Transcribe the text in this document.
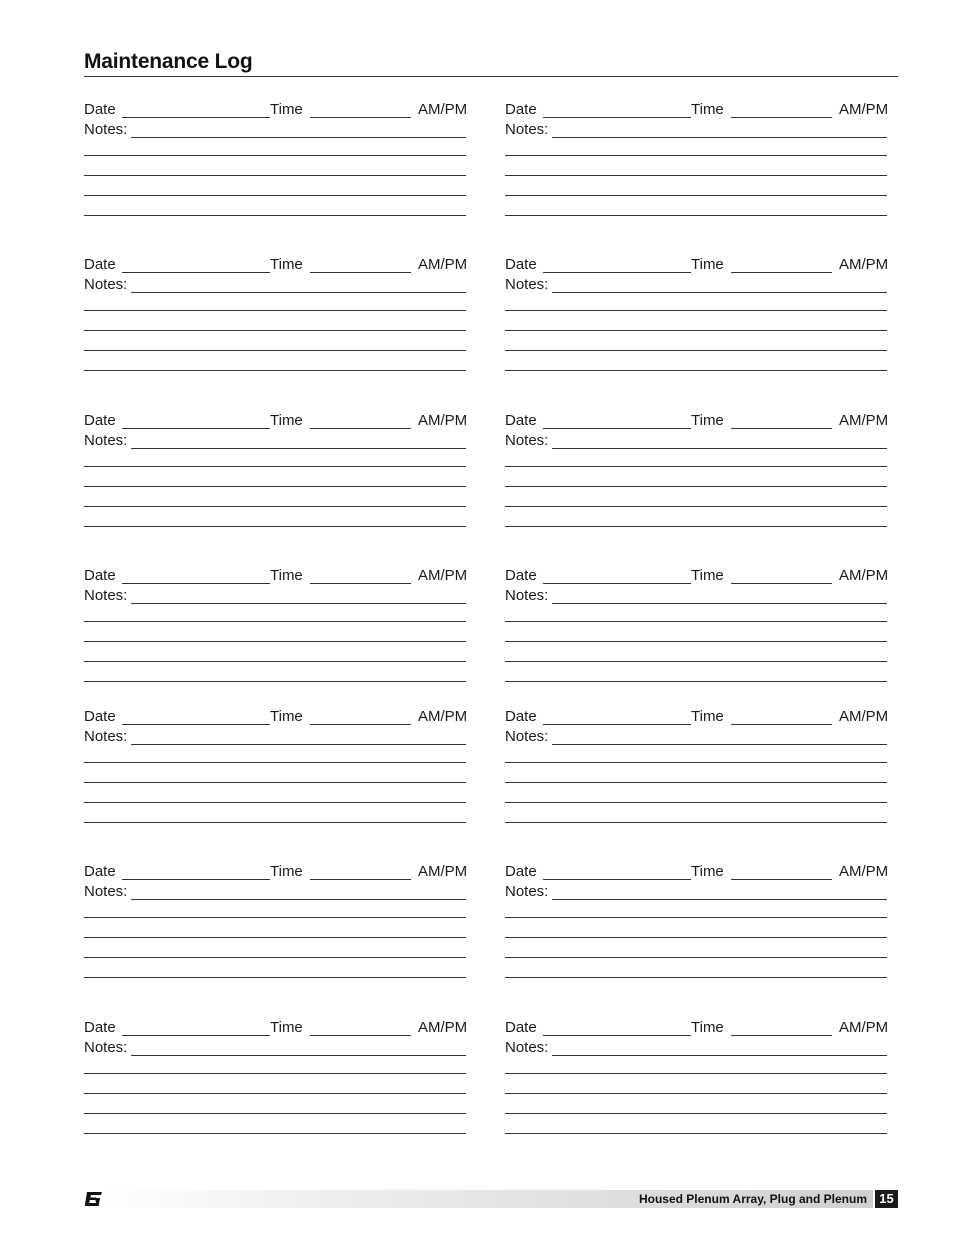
Maintenance Log
Date	Time	AM/PM
Notes:
Date	Time	AM/PM
Notes:
Date	Time	AM/PM
Notes:
Date	Time	AM/PM
Notes:
Date	Time	AM/PM
Notes:
Date	Time	AM/PM
Notes:
Date	Time	AM/PM
Notes:
Date	Time	AM/PM
Notes:
Date	Time	AM/PM
Notes:
Date	Time	AM/PM
Notes:
Date	Time	AM/PM
Notes:
Date	Time	AM/PM
Notes:
Date	Time	AM/PM
Notes:
Date	Time	AM/PM
Notes:
Housed Plenum Array, Plug and Plenum 15
